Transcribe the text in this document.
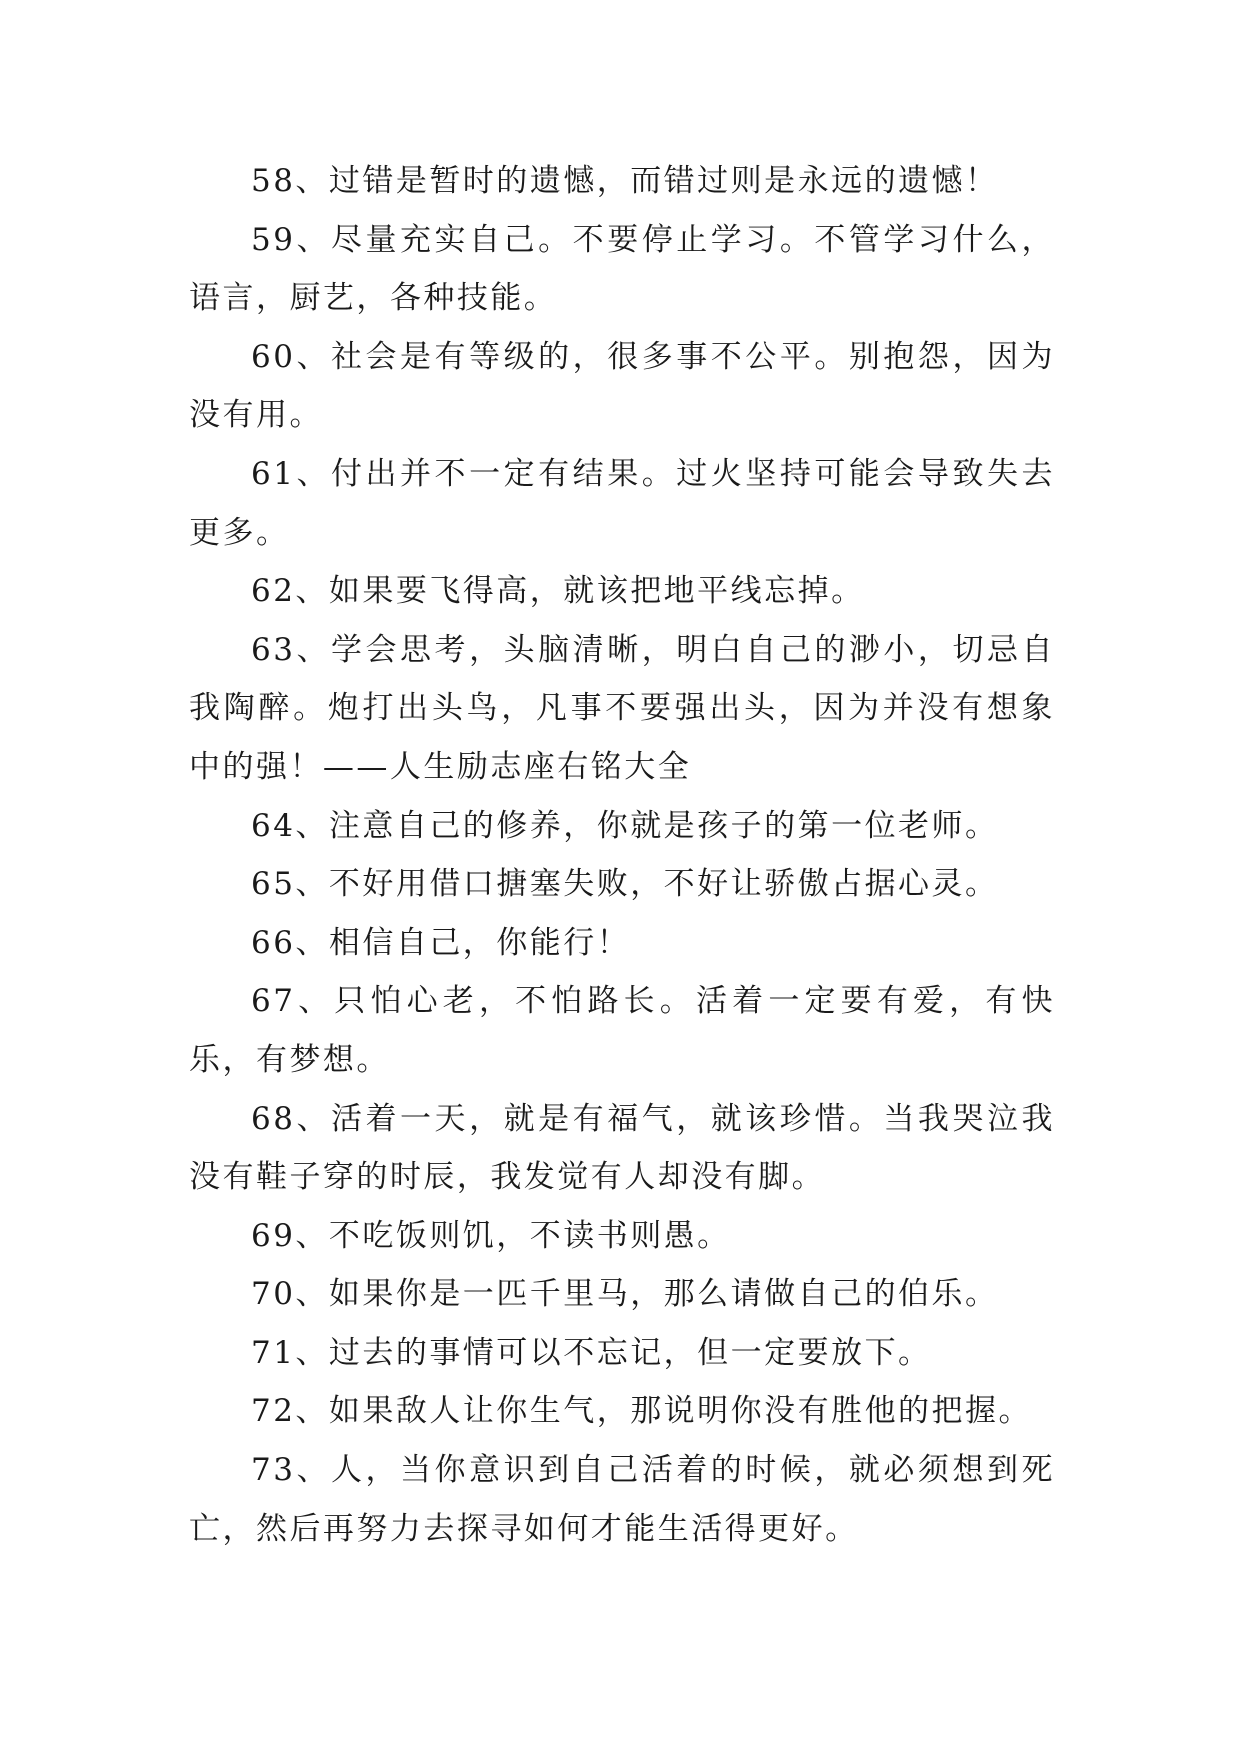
58、过错是暂时的遗憾，而错过则是永远的遗憾！

59、尽量充实自己。不要停止学习。不管学习什么，语言，厨艺，各种技能。

60、社会是有等级的，很多事不公平。别抱怨，因为没有用。

61、付出并不一定有结果。过火坚持可能会导致失去更多。

62、如果要飞得高，就该把地平线忘掉。

63、学会思考，头脑清晰，明白自己的渺小，切忌自我陶醉。炮打出头鸟，凡事不要强出头，因为并没有想象中的强！——人生励志座右铭大全

64、注意自己的修养，你就是孩子的第一位老师。

65、不好用借口搪塞失败，不好让骄傲占据心灵。

66、相信自己，你能行！

67、只怕心老，不怕路长。活着一定要有爱，有快乐，有梦想。

68、活着一天，就是有福气，就该珍惜。当我哭泣我没有鞋子穿的时辰，我发觉有人却没有脚。

69、不吃饭则饥，不读书则愚。

70、如果你是一匹千里马，那么请做自己的伯乐。

71、过去的事情可以不忘记，但一定要放下。

72、如果敌人让你生气，那说明你没有胜他的把握。

73、人，当你意识到自己活着的时候，就必须想到死亡，然后再努力去探寻如何才能生活得更好。
